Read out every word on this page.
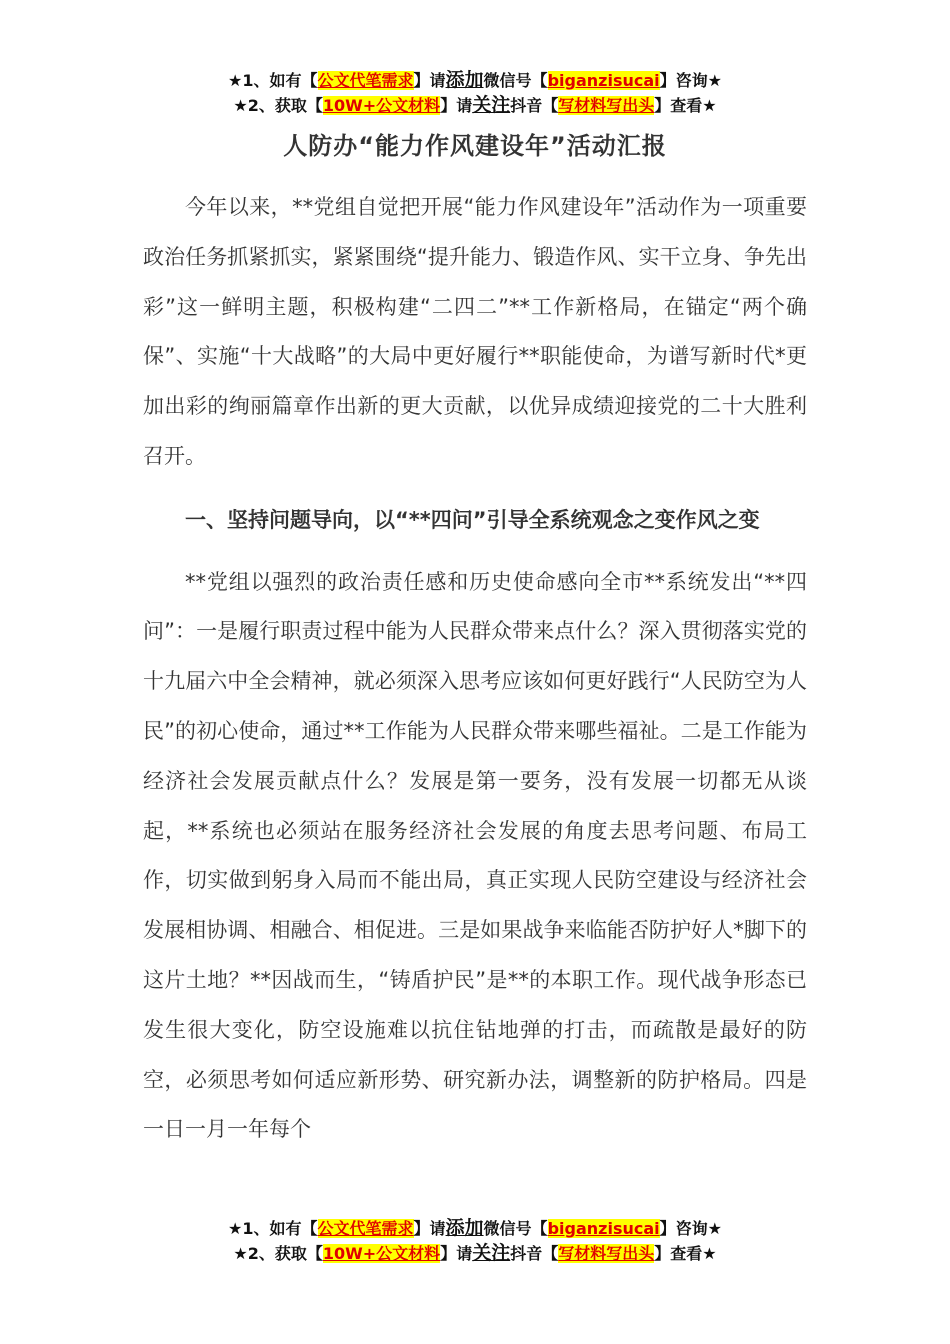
★1、如有【公文代笔需求】请添加微信号【biganzisucai】咨询★
★2、获取【10W+公文材料】请关注抖音【写材料写出头】查看★
人防办“能力作风建设年”活动汇报

今年以来，**党组自觉把开展“能力作风建设年”活动作为一项重要政治任务抓紧抓实，紧紧围绕“提升能力、锻造作风、实干立身、争先出彩”这一鲜明主题，积极构建“二四二”**工作新格局，在锚定“两个确保”、实施“十大战略”的大局中更好履行**职能使命，为谱写新时代*更加出彩的绚丽篇章作出新的更大贡献，以优异成绩迎接党的二十大胜利召开。

一、坚持问题导向，以“**四问”引导全系统观念之变作风之变

**党组以强烈的政治责任感和历史使命感向全市**系统发出“**四问”：一是履行职责过程中能为人民群众带来点什么？深入贯彻落实党的十九届六中全会精神，就必须深入思考应该如何更好践行“人民防空为人民”的初心使命，通过**工作能为人民群众带来哪些福祉。二是工作能为经济社会发展贡献点什么？发展是第一要务，没有发展一切都无从谈起，**系统也必须站在服务经济社会发展的角度去思考问题、布局工作，切实做到躬身入局而不能出局，真正实现人民防空建设与经济社会发展相协调、相融合、相促进。三是如果战争来临能否防护好人*脚下的这片土地？**因战而生，“铸盾护民”是**的本职工作。现代战争形态已发生很大变化，防空设施难以抗住钻地弹的打击，而疏散是最好的防空，必须思考如何适应新形势、研究新办法，调整新的防护格局。四是一日一月一年每个

★1、如有【公文代笔需求】请添加微信号【biganzisucai】咨询★
★2、获取【10W+公文材料】请关注抖音【写材料写出头】查看★
